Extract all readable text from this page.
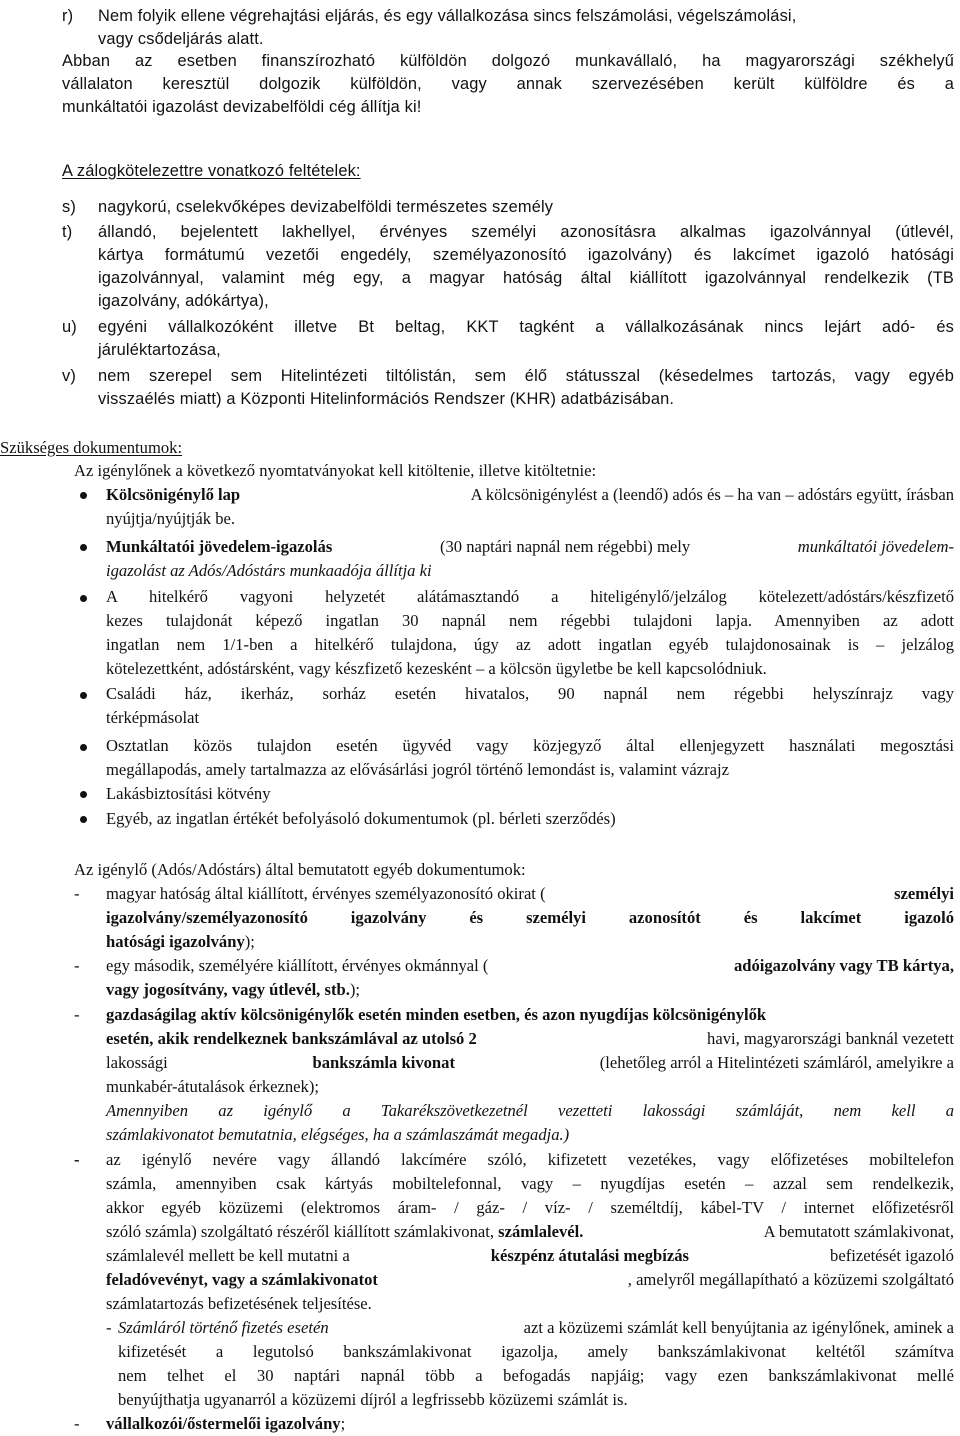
r) Nem folyik ellene végrehajtási eljárás, és egy vállalkozása sincs felszámolási, végelszámolási,
vagy csődeljárás alatt.
Abban az esetben finanszírozható külföldön dolgozó munkavállaló, ha magyarországi székhelyű
vállalaton keresztül dolgozik külföldön, vagy annak szervezésében került külföldre és a
munkáltatói igazolást devizabelföldi cég állítja ki!
A zálogkötelezettre vonatkozó feltételek:
s) nagykorú, cselekvőképes devizabelföldi természetes személy
t) állandó, bejelentett lakhellyel, érvényes személyi azonosításra alkalmas igazolvánnyal (útlevél,
kártya formátumú vezetői engedély, személyazonosító igazolvány) és lakcímet igazoló hatósági
igazolvánnyal, valamint még egy, a magyar hatóság által kiállított igazolvánnyal rendelkezik (TB
igazolvány, adókártya),
u) egyéni vállalkozóként illetve Bt beltag, KKT tagként a vállalkozásának nincs lejárt adó- és
járuléktartozása,
v) nem szerepel sem Hitelintézeti tiltólistán, sem élő státusszal (késedelmes tartozás, vagy egyéb
visszaélés miatt) a Központi Hitelinformációs Rendszer (KHR) adatbázisában.
Szükséges dokumentumok:
Az igénylőnek a következő nyomtatványokat kell kitöltenie, illetve kitöltetnie:
Kölcsönigénylő lap	A kölcsönigénylést a (leendő) adós és – ha van – adóstárs együtt, írásban
nyújtja/nyújtják be.
Munkáltatói jövedelem-igazolás	(30 naptári napnál nem régebbi) mely	munkáltatói jövedelem-
igazolást az Adós/Adóstárs munkaadója állítja ki
A hitelkérő vagyoni helyzetét alátámasztandó a hiteligénylő/jelzálog kötelezett/adóstárs/készfizető
kezes tulajdonát képező ingatlan 30 napnál nem régebbi tulajdoni lapja. Amennyiben az adott
ingatlan nem 1/1-ben a hitelkérő tulajdona, úgy az adott ingatlan egyéb tulajdonosainak is – jelzálog
kötelezettként, adóstársként, vagy készfizető kezesként – a kölcsön ügyletbe be kell kapcsolódniuk.
Családi ház, ikerház, sorház esetén hivatalos, 90 napnál nem régebbi helyszínrajz vagy
térképmásolat
Osztatlan közös tulajdon esetén ügyvéd vagy közjegyző által ellenjegyzett használati megosztási
megállapodás, amely tartalmazza az elővásárlási jogról történő lemondást is, valamint vázrajz
Lakásbiztosítási kötvény
Egyéb, az ingatlan értékét befolyásoló dokumentumok (pl. bérleti szerződés)
Az igénylő (Adós/Adóstárs) által bemutatott egyéb dokumentumok:
- magyar hatóság által kiállított, érvényes személyazonosító okirat (	személyi
igazolvány/személyazonosító igazolvány és személyi azonosítót és lakcímet igazoló
hatósági igazolvány);
- egy második, személyére kiállított, érvényes okmánnyal (	adóigazolvány vagy TB kártya,
vagy jogosítvány, vagy útlevél, stb.);
- gazdaságilag aktív kölcsönigénylők esetén minden esetben, és azon nyugdíjas kölcsönigénylők
esetén, akik rendelkeznek bankszámlával az utolsó 2	havi, magyarországi banknál vezetett
lakossági	bankszámla kivonat	(lehetőleg arról a Hitelintézeti számláról, amelyikre a
munkabér-átutalások érkeznek);
Amennyiben az igénylő a Takarékszövetkezetnél vezetteti lakossági számláját, nem kell a
számlakivonatot bemutatnia, elégséges, ha a számlaszámát megadja.)
- az igénylő nevére vagy állandó lakcímére szóló, kifizetett vezetékes, vagy előfizetéses mobiltelefon
számla, amennyiben csak kártyás mobiltelefonnal, vagy – nyugdíjas esetén – azzal sem rendelkezik,
akkor egyéb közüzemi (elektromos áram- / gáz- / víz- / személtdíj, kábel-TV / internet előfizetésről
szóló számla) szolgáltató részéről kiállított számlakivonat, számlalevél.	A bemutatott számlakivonat,
számlalevél mellett be kell mutatni a	készpénz átutalási megbízás	befizetését igazoló
feladóvevényt, vagy a számlakivonatot	, amelyről megállapítható a közüzemi szolgáltató
számlatartozás befizetésének teljesítése.
- Számláról történő fizetés esetén	azt a közüzemi számlát kell benyújtania az igénylőnek, aminek a
kifizetését a legutolsó bankszámlakivonat igazolja, amely bankszámlakivonat keltétől számítva
nem telhet el 30 naptári napnál több a befogadás napjáig; vagy ezen bankszámlakivonat mellé
benyújthatja ugyanarról a közüzemi díjról a legfrissebb közüzemi számlát is.
- vállalkozói/őstermelői igazolvány;
